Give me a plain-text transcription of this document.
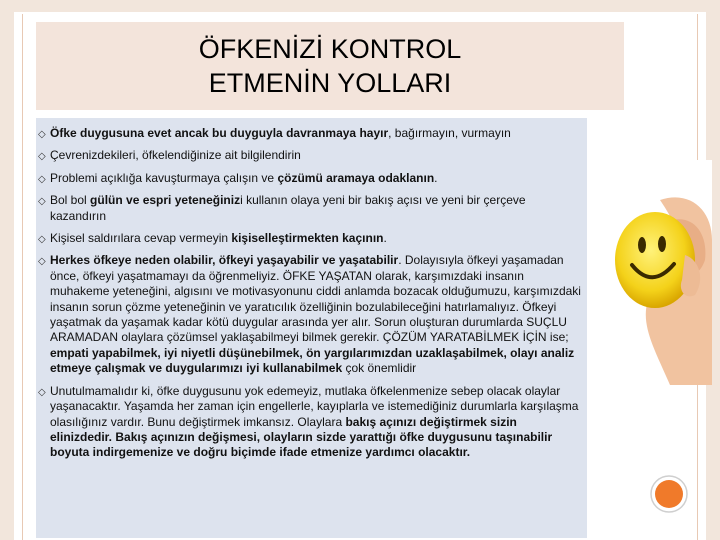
ÖFKENİZİ KONTROL ETMENİN YOLLARI
◇ Öfke duygusuna evet ancak bu duyguyla davranmaya hayır, bağırmayın, vurmayın
◇ Çevrenizdekileri, öfkelendiğinize ait bilgilendirin
◇ Problemi açıklığa kavuşturmaya çalışın ve çözümü aramaya odaklanın.
◇ Bol bol gülün ve espri yeteneğinizi kullanın olaya yeni bir bakış açısı ve yeni bir çerçeve kazandırın
◇ Kişisel saldırılara cevap vermeyin kişiselleştirmekten kaçının.
◇ Herkes öfkeye neden olabilir, öfkeyi yaşayabilir ve yaşatabilir. Dolayısıyla öfkeyi yaşamadan önce, öfkeyi yaşatmamayı da öğrenmeliyiz. ÖFKE YAŞATAN olarak, karşımızdaki insanın muhakeme yeteneğini, algısını ve motivasyonunu ciddi anlamda bozacak olduğumuzu, karşımızdaki insanın sorun çözme yeteneğinin ve yaratıcılık özelliğinin bozulabileceğini hatırlamalıyız. Öfkeyi yaşatmak da yaşamak kadar kötü duygular arasında yer alır. Sorun oluşturan durumlarda SUÇLU ARAMADAN olaylara çözümsel yaklaşabilmeyi bilmek gerekir. ÇÖZÜM YARATABİLMEK İÇİN ise; empati yapabilmek, iyi niyetli düşünebilmek, ön yargılarımızdan uzaklaşabilmek, olayı analiz etmeye çalışmak ve duygularımızı iyi kullanabilmek çok önemlidir
◇ Unutulmamalıdır ki, öfke duygusunu yok edemeyiz, mutlaka öfkelenmenize sebep olacak olaylar yaşanacaktır. Yaşamda her zaman için engellerle, kayıplarla ve istemediğiniz durumlarla karşılaşma olasılığınız vardır. Bunu değiştirmek imkansız. Olaylara bakış açınızı değiştirmek sizin elinizdedir. Bakış açınızın değişmesi, olayların sizde yarattığı öfke duygusunu taşınabilir boyuta indirgemenize ve doğru biçimde ifade etmenize yardımcı olacaktır.
